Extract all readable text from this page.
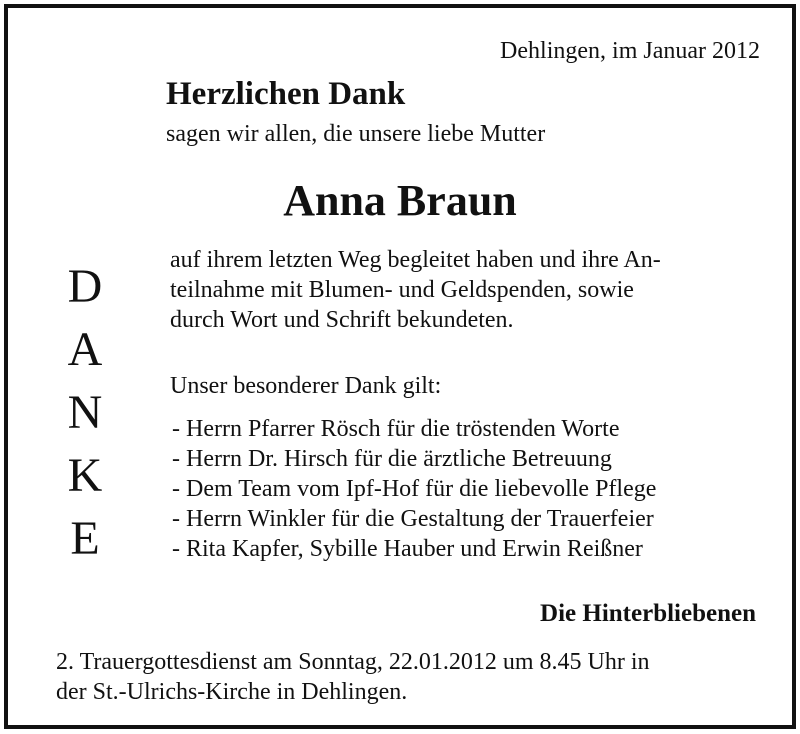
Dehlingen, im Januar 2012

Herzlichen Dank

sagen wir allen, die unsere liebe Mutter

Anna Braun
D
A
N
K
E

auf ihrem letzten Weg begleitet haben und ihre An-

teilnahme mit Blumen- und Geldspenden, sowie

durch Wort und Schrift bekundeten.

Unser besonderer Dank gilt:

- Herrn Pfarrer Rösch für die tröstenden Worte
- Herrn Dr. Hirsch für die ärztliche Betreuung
- Dem Team vom Ipf-Hof für die liebevolle Pflege
- Herrn Winkler für die Gestaltung der Trauerfeier
- Rita Kapfer, Sybille Hauber und Erwin Reißner

Die Hinterbliebenen

2. Trauergottesdienst am Sonntag, 22.01.2012 um 8.45 Uhr in

der St.-Ulrichs-Kirche in Dehlingen.
